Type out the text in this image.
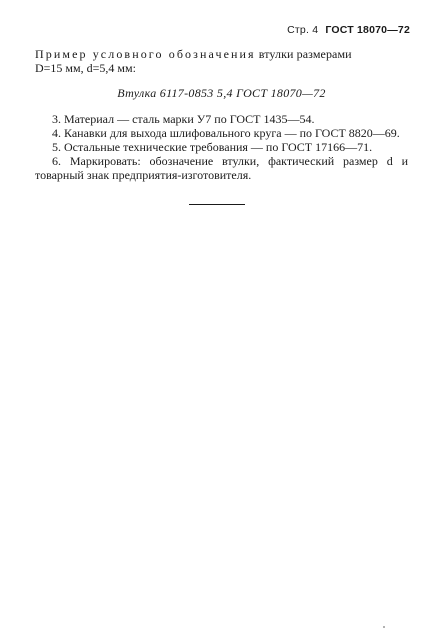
Стр. 4 ГОСТ 18070—72

Пример условного обозначения втулки размерами
D=15 мм, d=5,4 мм:

Втулка 6117-0853 5,4 ГОСТ 18070—72

3. Материал — сталь марки У7 по ГОСТ 1435—54.

4. Канавки для выхода шлифовального круга — по ГОСТ 8820—69.

5. Остальные технические требования — по ГОСТ 17166—71.

6. Маркировать: обозначение втулки, фактический размер d и товарный знак предприятия-изготовителя.
